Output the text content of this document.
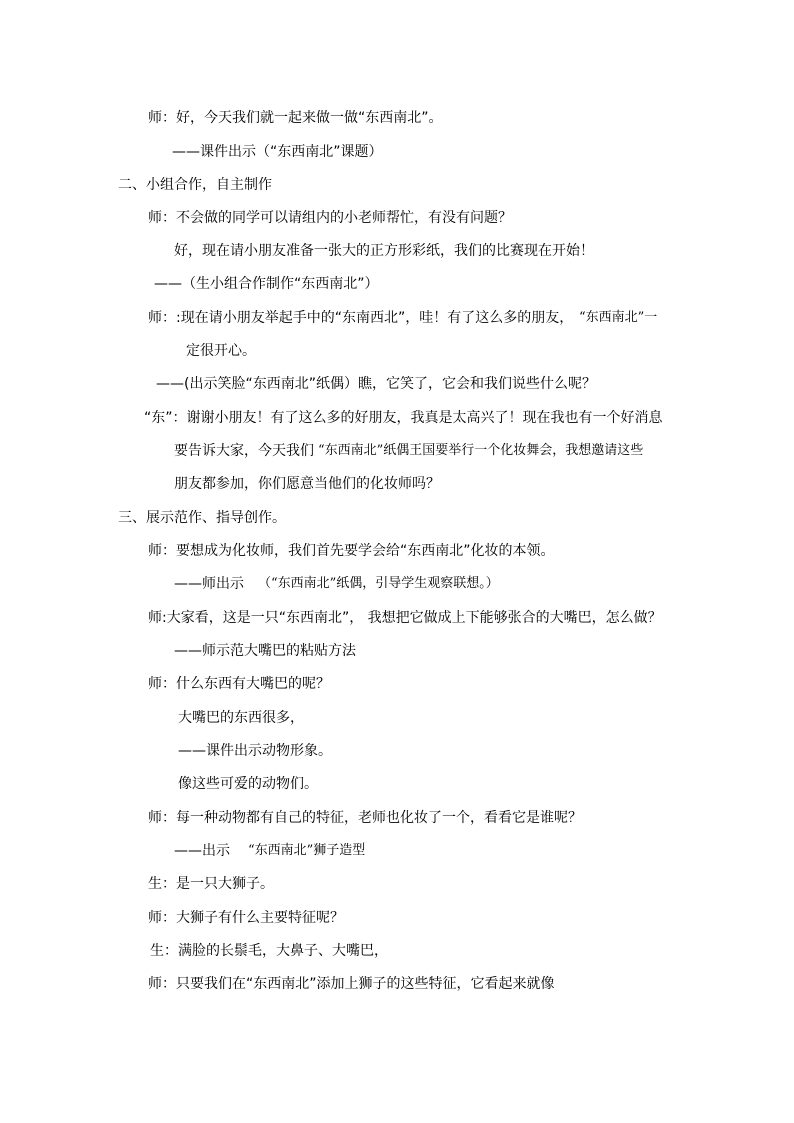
师：好，今天我们就一起来做一做“东西南北”。
——课件出示（“东西南北”课题）
二、小组合作，自主制作
师：不会做的同学可以请组内的小老师帮忙，有没有问题？
好，现在请小朋友准备一张大的正方形彩纸，我们的比赛现在开始！
——（生小组合作制作“东西南北”）
师：:现在请小朋友举起手中的“东南西北”，哇！有了这么多的朋友， “东西南北”一
定很开心。
——(出示笑脸“东西南北”纸偶）瞧，它笑了，它会和我们说些什么呢？
“东”：谢谢小朋友！有了这么多的好朋友，我真是太高兴了！现在我也有一个好消息
要告诉大家，今天我们 “东西南北”纸偶王国要举行一个化妆舞会，我想邀请这些
朋友都参加，你们愿意当他们的化妆师吗？
三、展示范作、指导创作。
师：要想成为化妆师，我们首先要学会给“东西南北”化妆的本领。
——师出示 （“东西南北”纸偶，引导学生观察联想。）
师:大家看，这是一只“东西南北”， 我想把它做成上下能够张合的大嘴巴，怎么做？
——师示范大嘴巴的粘贴方法
师：什么东西有大嘴巴的呢？
大嘴巴的东西很多，
——课件出示动物形象。
像这些可爱的动物们。
师：每一种动物都有自己的特征，老师也化妆了一个，看看它是谁呢？
——出示 “东西南北”狮子造型
生：是一只大狮子。
师：大狮子有什么主要特征呢？
生：满脸的长鬃毛，大鼻子、大嘴巴，
师：只要我们在“东西南北”添加上狮子的这些特征，它看起来就像
